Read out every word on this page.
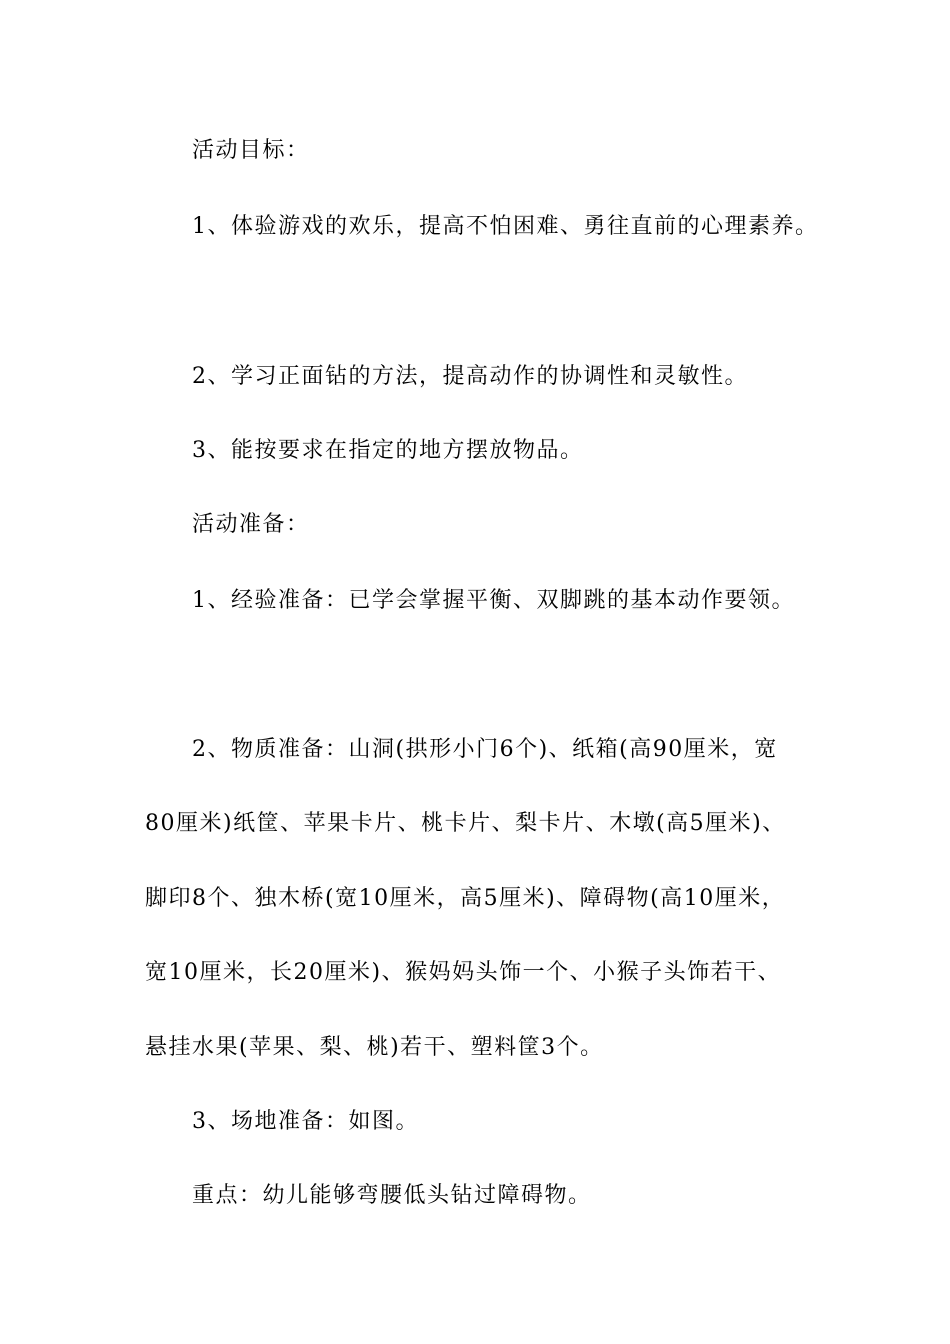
活动目标：
1、体验游戏的欢乐，提高不怕困难、勇往直前的心理素养。
2、学习正面钻的方法，提高动作的协调性和灵敏性。
3、能按要求在指定的地方摆放物品。
活动准备：
1、经验准备：已学会掌握平衡、双脚跳的基本动作要领。
2、物质准备：山洞(拱形小门6个)、纸箱(高90厘米，宽
80厘米)纸筐、苹果卡片、桃卡片、梨卡片、木墩(高5厘米)、
脚印8个、独木桥(宽10厘米，高5厘米)、障碍物(高10厘米，
宽10厘米，长20厘米)、猴妈妈头饰一个、小猴子头饰若干、
悬挂水果(苹果、梨、桃)若干、塑料筐3个。
3、场地准备：如图。
重点：幼儿能够弯腰低头钻过障碍物。
